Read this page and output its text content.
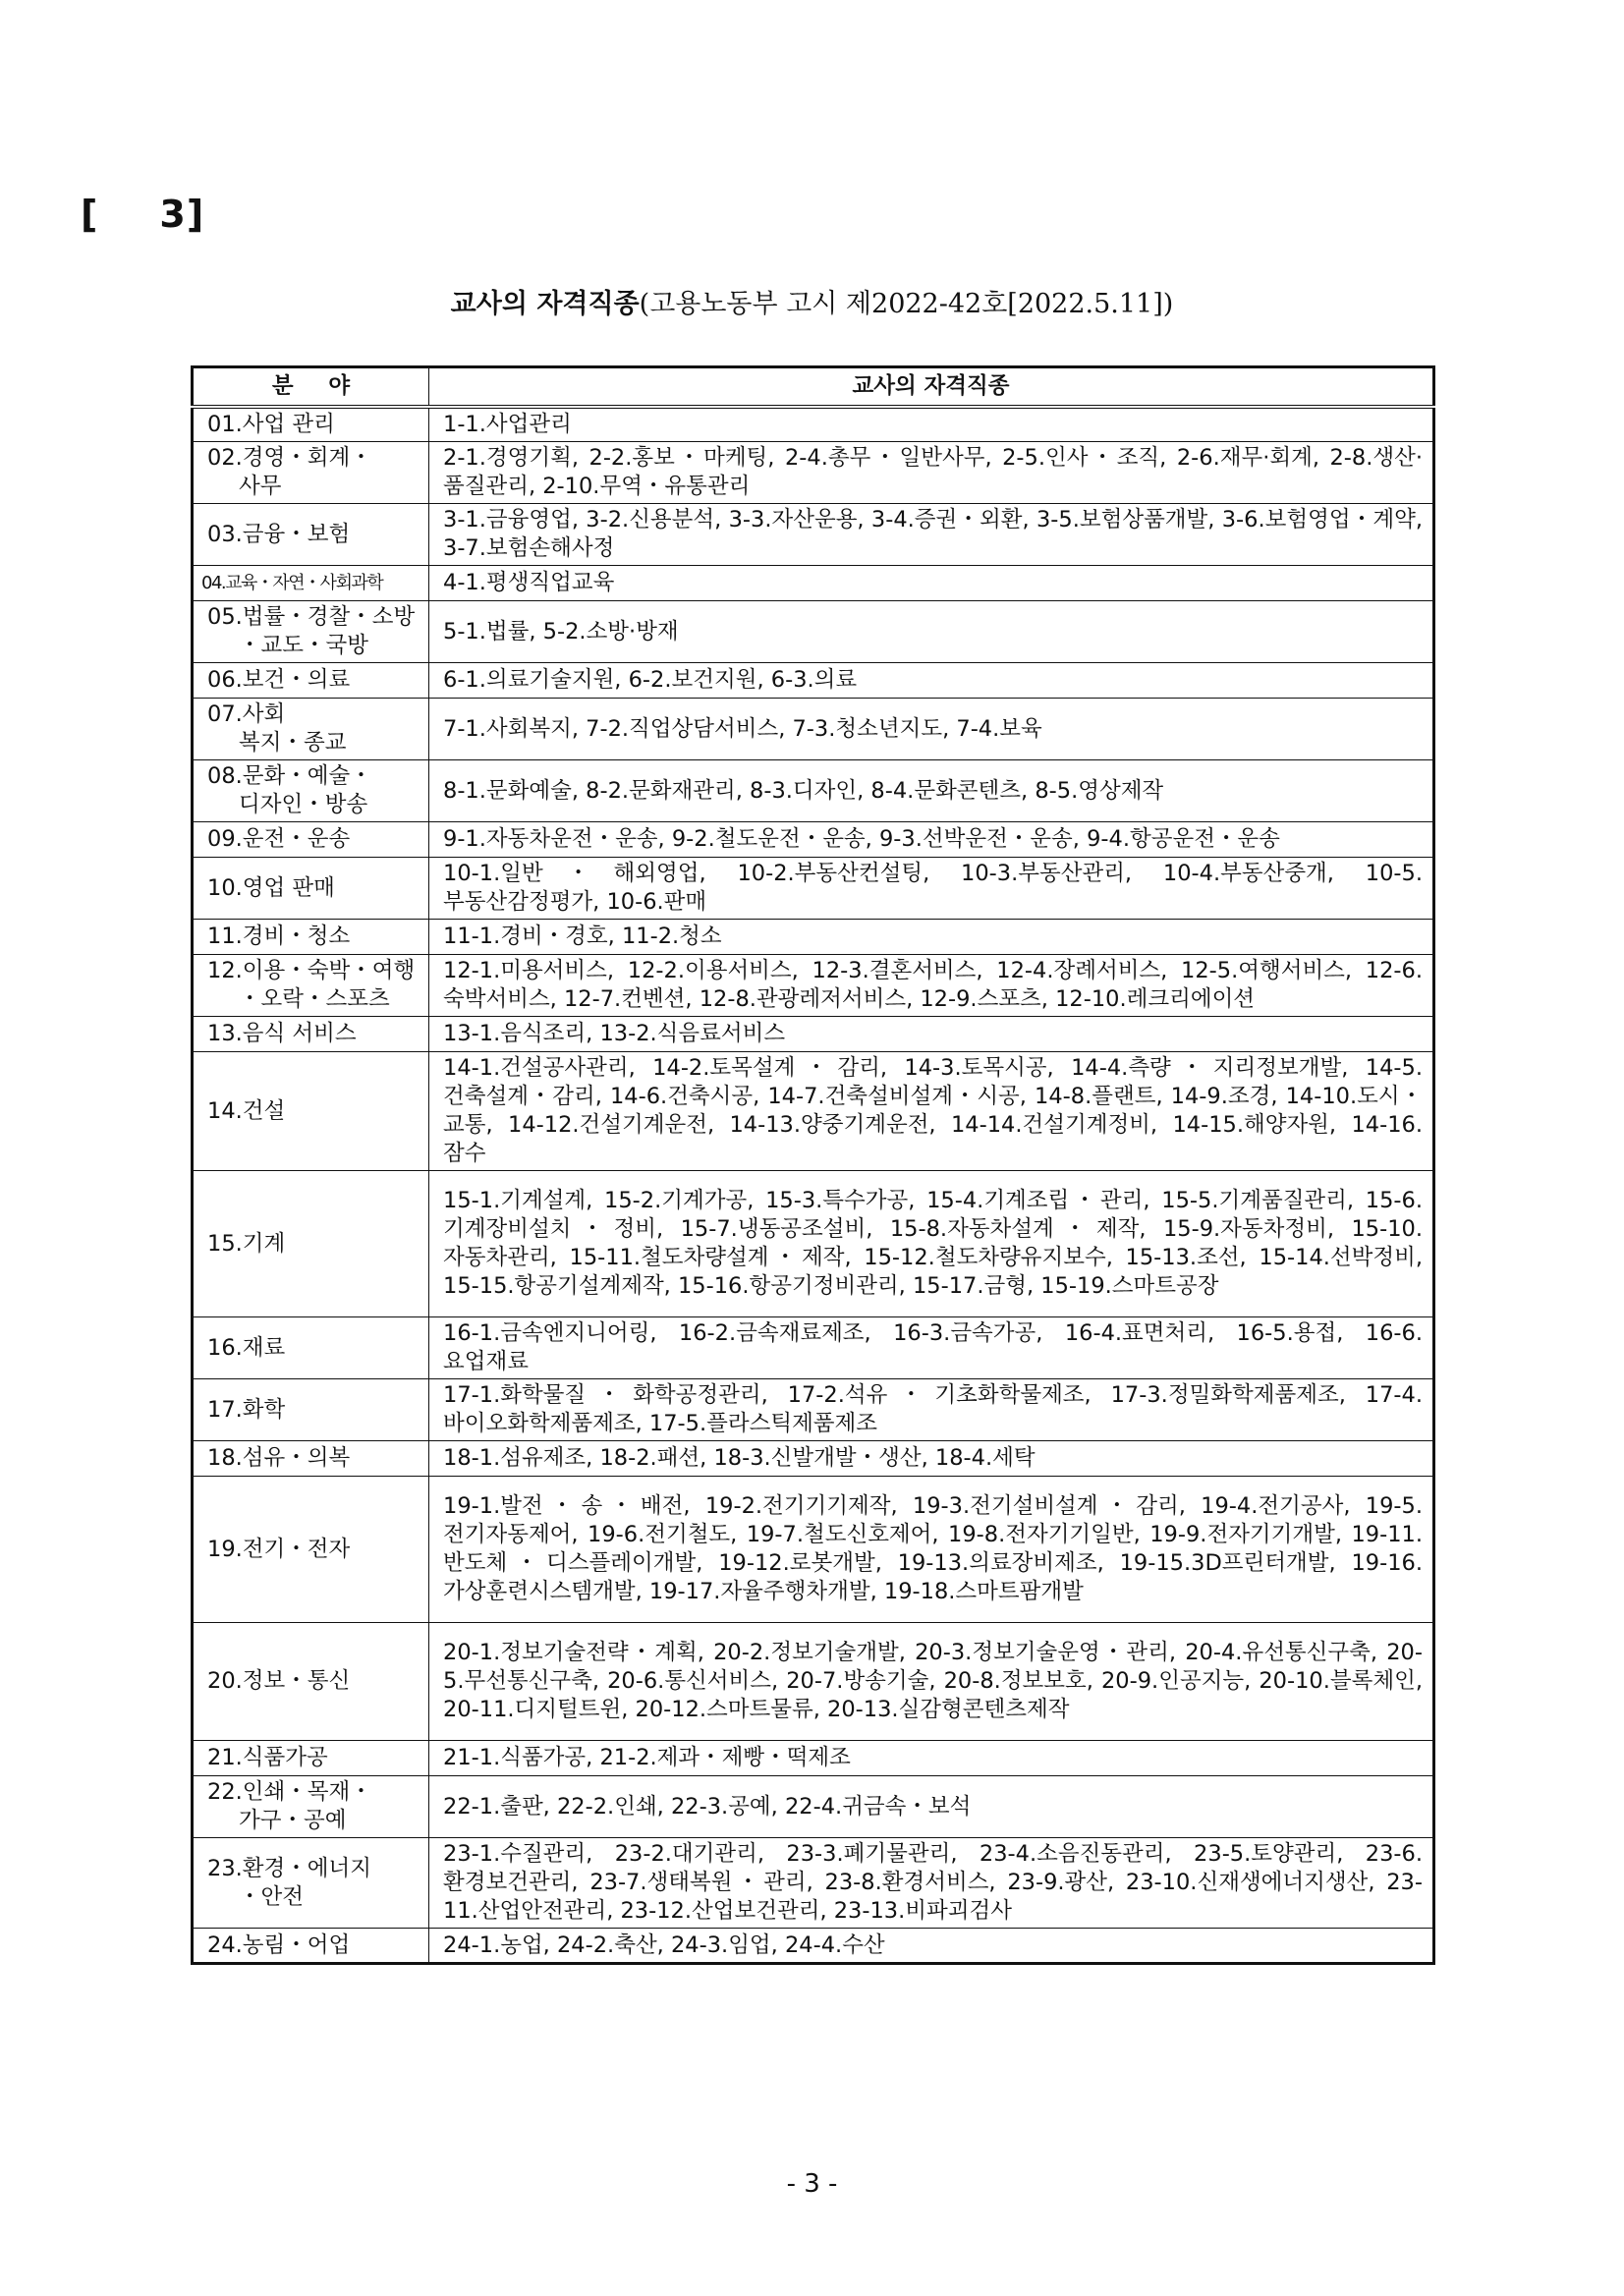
[ 3]
교사의 자격직종(고용노동부 고시 제2022-42호[2022.5.11])
분 야	교사의 자격직종
01.사업 관리	1-1.사업관리

02.경영・회계・
사무	2-1.경영기획, 2-2.홍보・마케팅, 2-4.총무・일반사무, 2-5.인사・조직, 2-6.재무·회계, 2-8.생산·품질관리, 2-10.무역・유통관리
03.금융・보험	3-1.금융영업, 3-2.신용분석, 3-3.자산운용, 3-4.증권・외환, 3-5.보험상품개발, 3-6.보험영업・계약, 3-7.보험손해사정
04.교육・자연・사회과학	4-1.평생직업교육

05.법률・경찰・소방
・교도・국방	5-1.법률, 5-2.소방·방재
06.보건・의료	6-1.의료기술지원, 6-2.보건지원, 6-3.의료

07.사회
복지・종교	7-1.사회복지, 7-2.직업상담서비스, 7-3.청소년지도, 7-4.보육

08.문화・예술・
디자인・방송	8-1.문화예술, 8-2.문화재관리, 8-3.디자인, 8-4.문화콘텐츠, 8-5.영상제작
09.운전・운송	9-1.자동차운전・운송, 9-2.철도운전・운송, 9-3.선박운전・운송, 9-4.항공운전・운송
10.영업 판매	10-1.일반・해외영업, 10-2.부동산컨설팅, 10-3.부동산관리, 10-4.부동산중개, 10-5.부동산감정평가, 10-6.판매
11.경비・청소	11-1.경비・경호, 11-2.청소

12.이용・숙박・여행
・오락・스포츠	12-1.미용서비스, 12-2.이용서비스, 12-3.결혼서비스, 12-4.장례서비스, 12-5.여행서비스, 12-6.숙박서비스, 12-7.컨벤션, 12-8.관광레저서비스, 12-9.스포츠, 12-10.레크리에이션
13.음식 서비스	13-1.음식조리, 13-2.식음료서비스
14.건설	14-1.건설공사관리, 14-2.토목설계・감리, 14-3.토목시공, 14-4.측량・지리정보개발, 14-5.건축설계・감리, 14-6.건축시공, 14-7.건축설비설계・시공, 14-8.플랜트, 14-9.조경, 14-10.도시・교통, 14-12.건설기계운전, 14-13.양중기계운전, 14-14.건설기계정비, 14-15.해양자원, 14-16.잠수
15.기계	15-1.기계설계, 15-2.기계가공, 15-3.특수가공, 15-4.기계조립・관리, 15-5.기계품질관리, 15-6.기계장비설치・정비, 15-7.냉동공조설비, 15-8.자동차설계・제작, 15-9.자동차정비, 15-10.자동차관리, 15-11.철도차량설계・제작, 15-12.철도차량유지보수, 15-13.조선, 15-14.선박정비, 15-15.항공기설계제작, 15-16.항공기정비관리, 15-17.금형, 15-19.스마트공장
16.재료	16-1.금속엔지니어링, 16-2.금속재료제조, 16-3.금속가공, 16-4.표면처리, 16-5.용접, 16-6.요업재료
17.화학	17-1.화학물질・화학공정관리, 17-2.석유・기초화학물제조, 17-3.정밀화학제품제조, 17-4.바이오화학제품제조, 17-5.플라스틱제품제조
18.섬유・의복	18-1.섬유제조, 18-2.패션, 18-3.신발개발・생산, 18-4.세탁
19.전기・전자	19-1.발전・송・배전, 19-2.전기기기제작, 19-3.전기설비설계・감리, 19-4.전기공사, 19-5.전기자동제어, 19-6.전기철도, 19-7.철도신호제어, 19-8.전자기기일반, 19-9.전자기기개발, 19-11.반도체・디스플레이개발, 19-12.로봇개발, 19-13.의료장비제조, 19-15.3D프린터개발, 19-16.가상훈련시스템개발, 19-17.자율주행차개발, 19-18.스마트팜개발
20.정보・통신	20-1.정보기술전략・계획, 20-2.정보기술개발, 20-3.정보기술운영・관리, 20-4.유선통신구축, 20-5.무선통신구축, 20-6.통신서비스, 20-7.방송기술, 20-8.정보보호, 20-9.인공지능, 20-10.블록체인, 20-11.디지털트윈, 20-12.스마트물류, 20-13.실감형콘텐츠제작
21.식품가공	21-1.식품가공, 21-2.제과・제빵・떡제조

22.인쇄・목재・
가구・공예	22-1.출판, 22-2.인쇄, 22-3.공예, 22-4.귀금속・보석

23.환경・에너지
・안전	23-1.수질관리, 23-2.대기관리, 23-3.폐기물관리, 23-4.소음진동관리, 23-5.토양관리, 23-6.환경보건관리, 23-7.생태복원・관리, 23-8.환경서비스, 23-9.광산, 23-10.신재생에너지생산, 23-11.산업안전관리, 23-12.산업보건관리, 23-13.비파괴검사
24.농림・어업	24-1.농업, 24-2.축산, 24-3.임업, 24-4.수산
- 3 -
